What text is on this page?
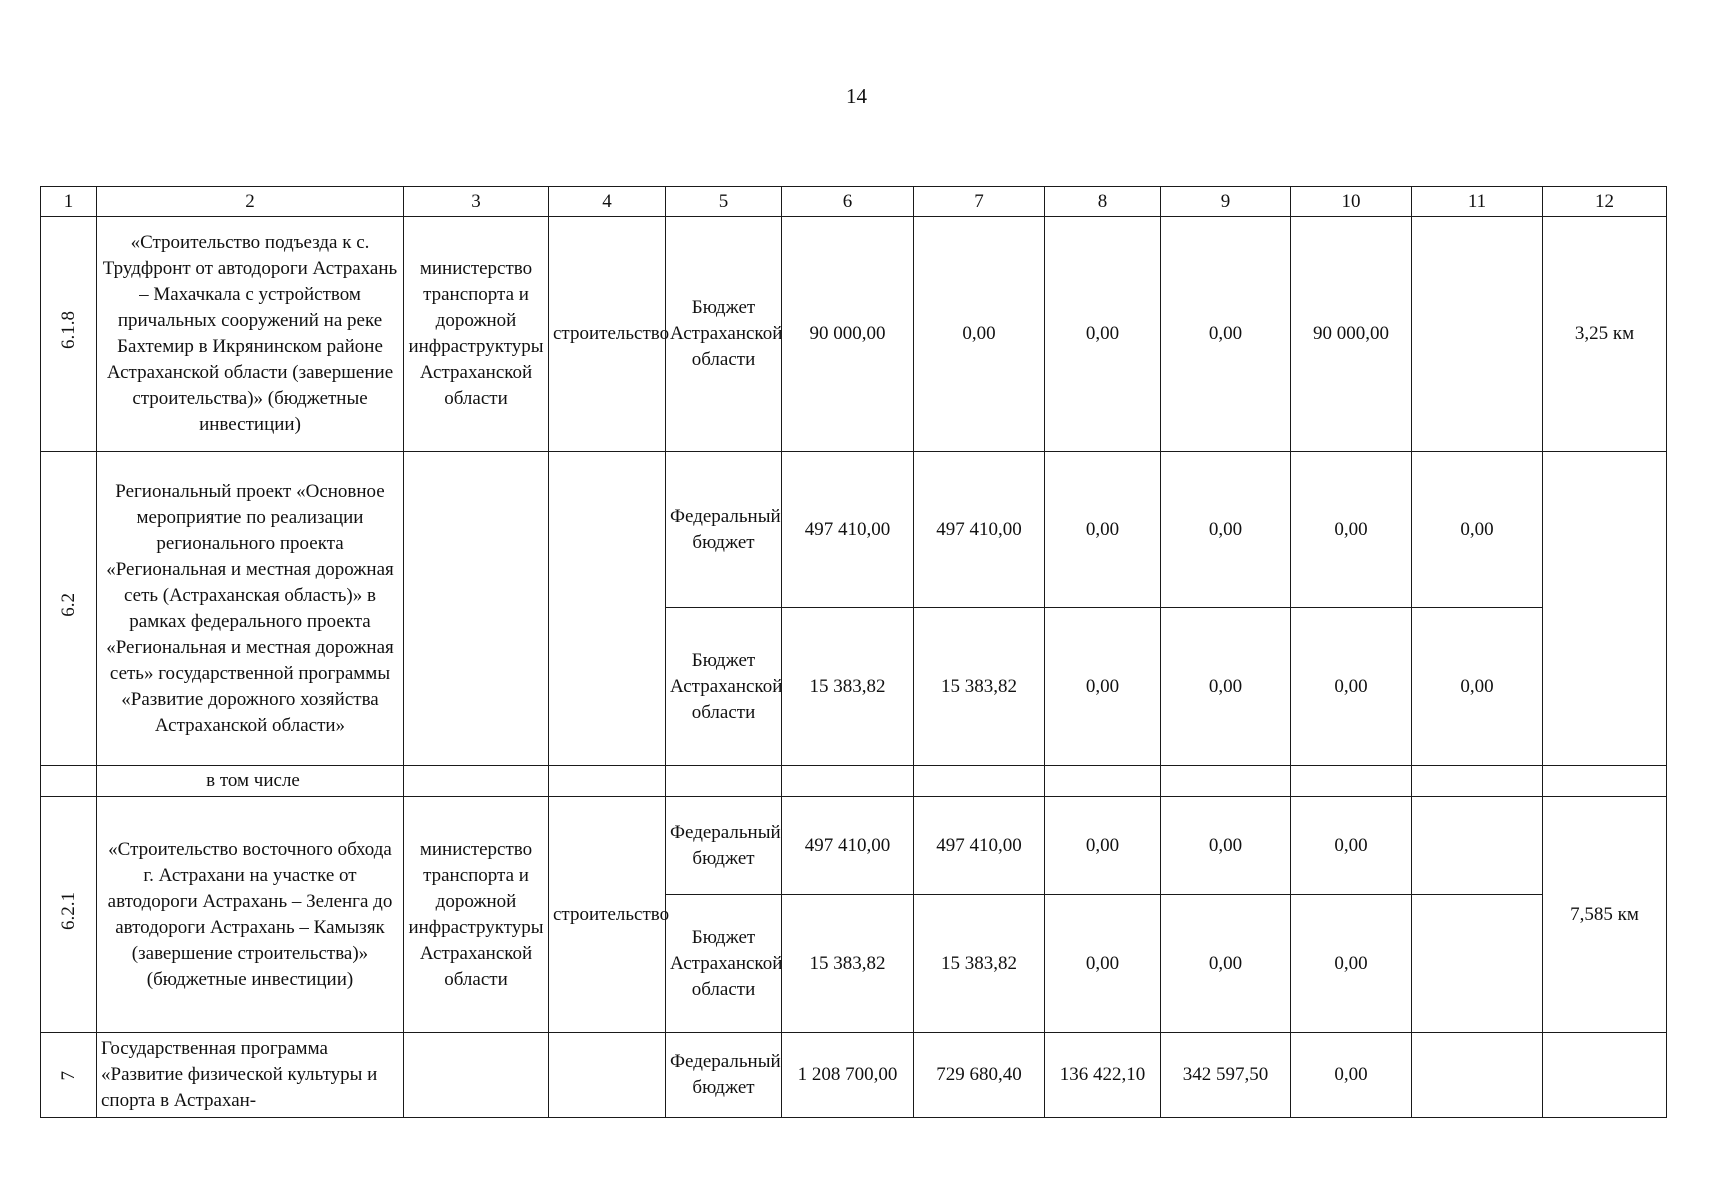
14
1	2	3	4	5	6	7	8	9	10	11	12
6.1.8	«Строительство подъезда к с. Трудфронт от автодороги Астрахань – Махачкала с устройством причальных сооружений на реке Бахтемир в Икрянинском районе Астраханской области (завершение строительства)» (бюджетные инвестиции)	министерство транспорта и дорожной инфраструктуры Астраханской области	строительство	Бюджет Астраханской области	90 000,00	0,00	0,00	0,00	90 000,00		3,25 км
6.2	Региональный проект «Основное мероприятие по реализации регионального проекта «Региональная и местная дорожная сеть (Астраханская область)» в рамках федерального проекта «Региональная и местная дорожная сеть» государственной программы «Развитие дорожного хозяйства Астраханской области»			Федеральный бюджет	497 410,00	497 410,00	0,00	0,00	0,00	0,00	
				Бюджет Астраханской области	15 383,82	15 383,82	0,00	0,00	0,00	0,00	
	в том числе										
6.2.1	«Строительство восточного обхода г. Астрахани на участке от автодороги Астрахань – Зеленга до автодороги Астрахань – Камызяк (завершение строительства)» (бюджетные инвестиции)	министерство транспорта и дорожной инфраструктуры Астраханской области	строительство	Федеральный бюджет	497 410,00	497 410,00	0,00	0,00	0,00		7,585 км
				Бюджет Астраханской области	15 383,82	15 383,82	0,00	0,00	0,00		
7	Государственная программа «Развитие физической культуры и спорта в Астрахан-			Федеральный бюджет	1 208 700,00	729 680,40	136 422,10	342 597,50	0,00		
